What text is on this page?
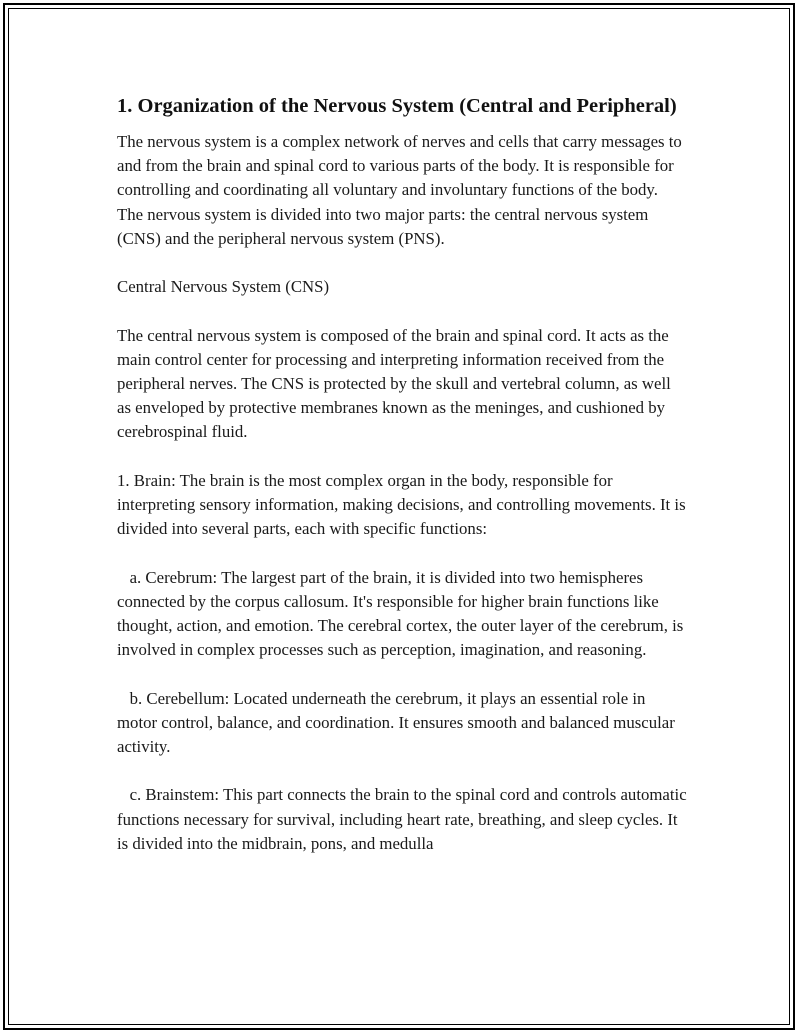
1. Organization of the Nervous System (Central and Peripheral)

The nervous system is a complex network of nerves and cells that carry messages to and from the brain and spinal cord to various parts of the body. It is responsible for controlling and coordinating all voluntary and involuntary functions of the body. The nervous system is divided into two major parts: the central nervous system (CNS) and the peripheral nervous system (PNS).

Central Nervous System (CNS)

The central nervous system is composed of the brain and spinal cord. It acts as the main control center for processing and interpreting information received from the peripheral nerves. The CNS is protected by the skull and vertebral column, as well as enveloped by protective membranes known as the meninges, and cushioned by cerebrospinal fluid.

1. Brain: The brain is the most complex organ in the body, responsible for interpreting sensory information, making decisions, and controlling movements. It is divided into several parts, each with specific functions:

a. Cerebrum: The largest part of the brain, it is divided into two hemispheres connected by the corpus callosum. It's responsible for higher brain functions like thought, action, and emotion. The cerebral cortex, the outer layer of the cerebrum, is involved in complex processes such as perception, imagination, and reasoning.

b. Cerebellum: Located underneath the cerebrum, it plays an essential role in motor control, balance, and coordination. It ensures smooth and balanced muscular activity.

c. Brainstem: This part connects the brain to the spinal cord and controls automatic functions necessary for survival, including heart rate, breathing, and sleep cycles. It is divided into the midbrain, pons, and medulla
